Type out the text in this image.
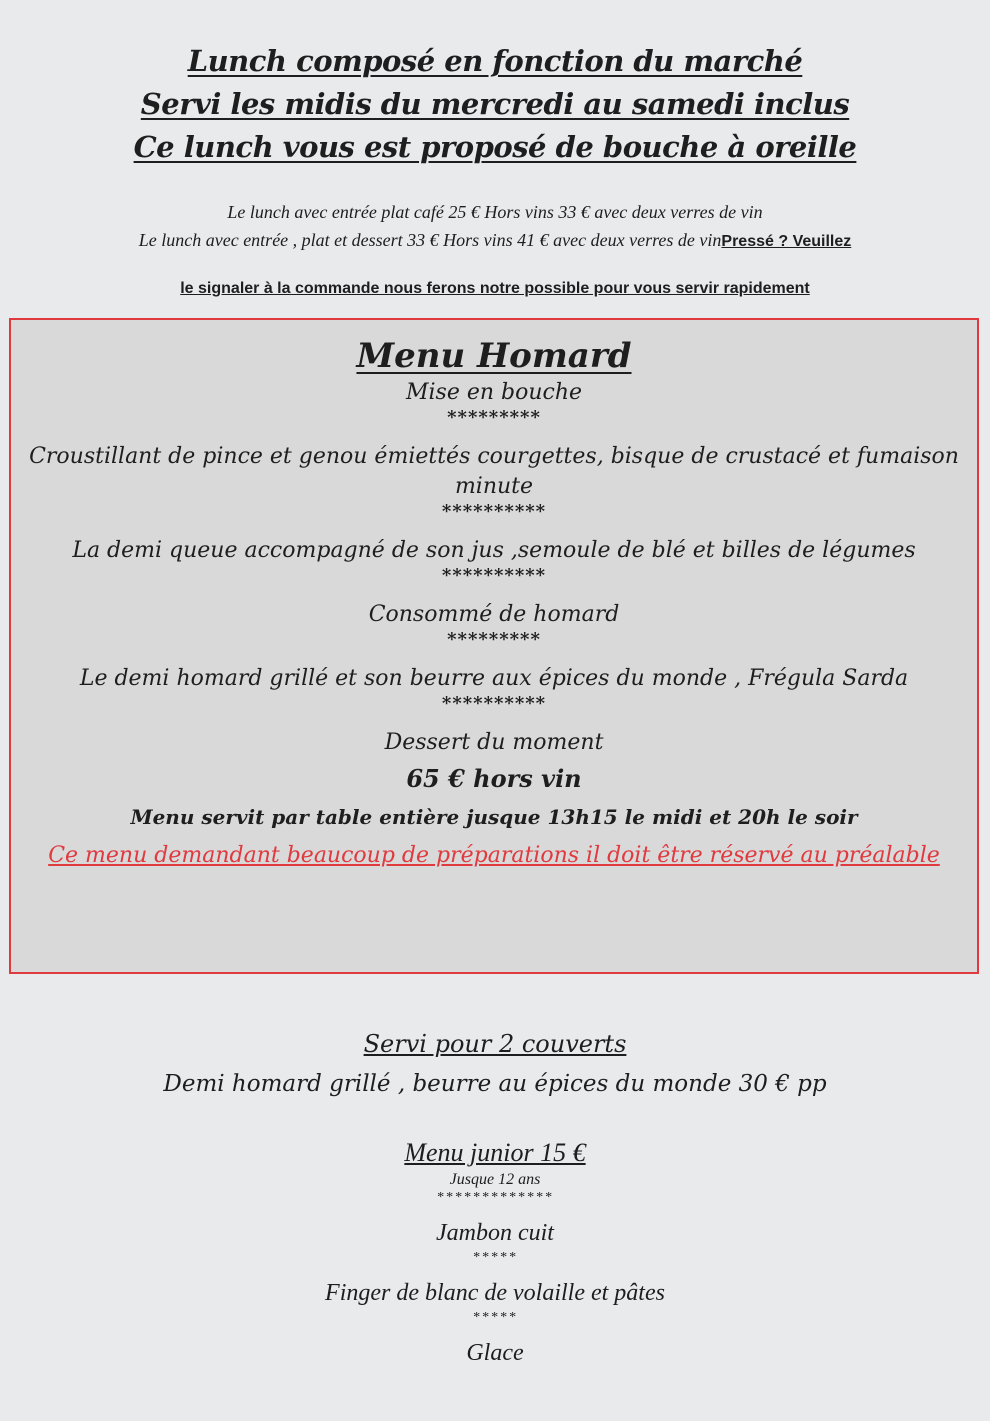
Lunch composé en fonction du marché
Servi les midis du mercredi au samedi inclus
Ce lunch vous est proposé de bouche à oreille
Le lunch avec entrée plat café 25 € Hors vins 33 € avec deux verres de vin
Le lunch avec entrée , plat et dessert 33 € Hors vins 41 € avec deux verres de vinPressé ? Veuillez
le signaler à la commande nous ferons notre possible pour vous servir rapidement
Menu Homard
Mise en bouche
*********
Croustillant de pince et genou émiettés courgettes, bisque de crustacé et fumaison minute
**********
La demi queue accompagné de son jus ,semoule de blé et billes de légumes
**********
Consommé de homard
*********
Le demi homard grillé et son beurre aux épices du monde , Frégula Sarda
**********
Dessert du moment
65 € hors vin
Menu servit par table entière jusque 13h15 le midi et 20h le soir
Ce menu demandant beaucoup de préparations il doit être réservé au préalable
Servi pour 2 couverts
Demi homard grillé , beurre au épices du monde 30 € pp
Menu junior 15 €
Jusque 12 ans
*************
Jambon cuit
*****
Finger de blanc de volaille et pâtes
*****
Glace
